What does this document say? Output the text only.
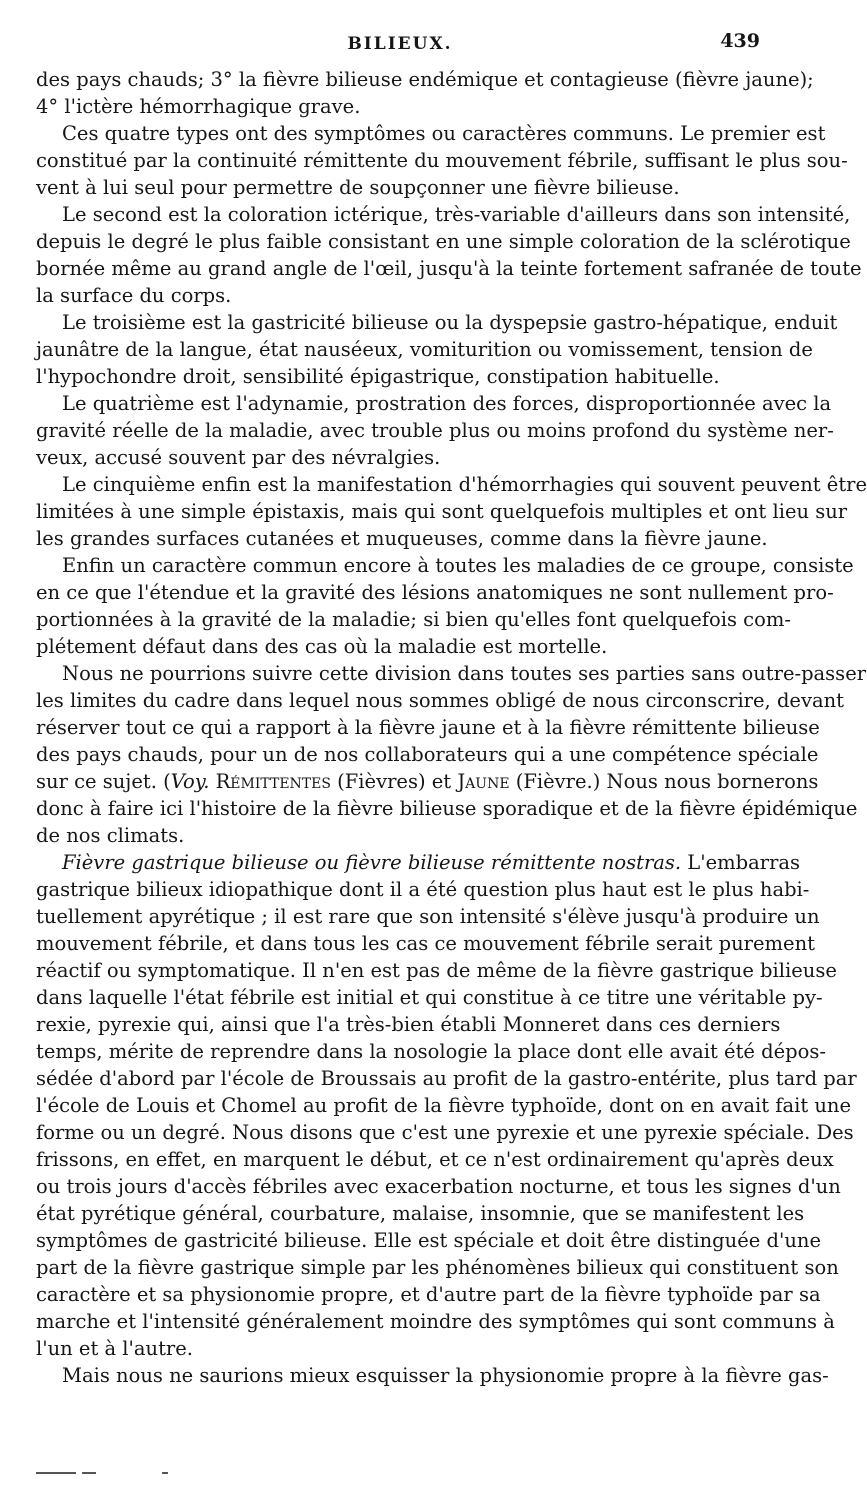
BILIEUX.	439
des pays chauds; 3° la fièvre bilieuse endémique et contagieuse (fièvre jaune);
4° l'ictère hémorrhagique grave.
Ces quatre types ont des symptômes ou caractères communs. Le premier est
constitué par la continuité rémittente du mouvement fébrile, suffisant le plus sou-
vent à lui seul pour permettre de soupçonner une fièvre bilieuse.
Le second est la coloration ictérique, très-variable d'ailleurs dans son intensité,
depuis le degré le plus faible consistant en une simple coloration de la sclérotique
bornée même au grand angle de l'œil, jusqu'à la teinte fortement safranée de toute
la surface du corps.
Le troisième est la gastricité bilieuse ou la dyspepsie gastro-hépatique, enduit
jaunâtre de la langue, état nauséeux, vomiturition ou vomissement, tension de
l'hypochondre droit, sensibilité épigastrique, constipation habituelle.
Le quatrième est l'adynamie, prostration des forces, disproportionnée avec la
gravité réelle de la maladie, avec trouble plus ou moins profond du système ner-
veux, accusé souvent par des névralgies.
Le cinquième enfin est la manifestation d'hémorrhagies qui souvent peuvent être
limitées à une simple épistaxis, mais qui sont quelquefois multiples et ont lieu sur
les grandes surfaces cutanées et muqueuses, comme dans la fièvre jaune.
Enfin un caractère commun encore à toutes les maladies de ce groupe, consiste
en ce que l'étendue et la gravité des lésions anatomiques ne sont nullement pro-
portionnées à la gravité de la maladie; si bien qu'elles font quelquefois com-
plétement défaut dans des cas où la maladie est mortelle.
Nous ne pourrions suivre cette division dans toutes ses parties sans outre-passer
les limites du cadre dans lequel nous sommes obligé de nous circonscrire, devant
réserver tout ce qui a rapport à la fièvre jaune et à la fièvre rémittente bilieuse
des pays chauds, pour un de nos collaborateurs qui a une compétence spéciale
sur ce sujet. (Voy. Rémittentes (Fièvres) et Jaune (Fièvre.) Nous nous bornerons
donc à faire ici l'histoire de la fièvre bilieuse sporadique et de la fièvre épidémique
de nos climats.
Fièvre gastrique bilieuse ou fièvre bilieuse rémittente nostras. L'embarras
gastrique bilieux idiopathique dont il a été question plus haut est le plus habi-
tuellement apyrétique ; il est rare que son intensité s'élève jusqu'à produire un
mouvement fébrile, et dans tous les cas ce mouvement fébrile serait purement
réactif ou symptomatique. Il n'en est pas de même de la fièvre gastrique bilieuse
dans laquelle l'état fébrile est initial et qui constitue à ce titre une véritable py-
rexie, pyrexie qui, ainsi que l'a très-bien établi Monneret dans ces derniers
temps, mérite de reprendre dans la nosologie la place dont elle avait été dépos-
sédée d'abord par l'école de Broussais au profit de la gastro-entérite, plus tard par
l'école de Louis et Chomel au profit de la fièvre typhoïde, dont on en avait fait une
forme ou un degré. Nous disons que c'est une pyrexie et une pyrexie spéciale. Des
frissons, en effet, en marquent le début, et ce n'est ordinairement qu'après deux
ou trois jours d'accès fébriles avec exacerbation nocturne, et tous les signes d'un
état pyrétique général, courbature, malaise, insomnie, que se manifestent les
symptômes de gastricité bilieuse. Elle est spéciale et doit être distinguée d'une
part de la fièvre gastrique simple par les phénomènes bilieux qui constituent son
caractère et sa physionomie propre, et d'autre part de la fièvre typhoïde par sa
marche et l'intensité généralement moindre des symptômes qui sont communs à
l'un et à l'autre.
Mais nous ne saurions mieux esquisser la physionomie propre à la fièvre gas-
